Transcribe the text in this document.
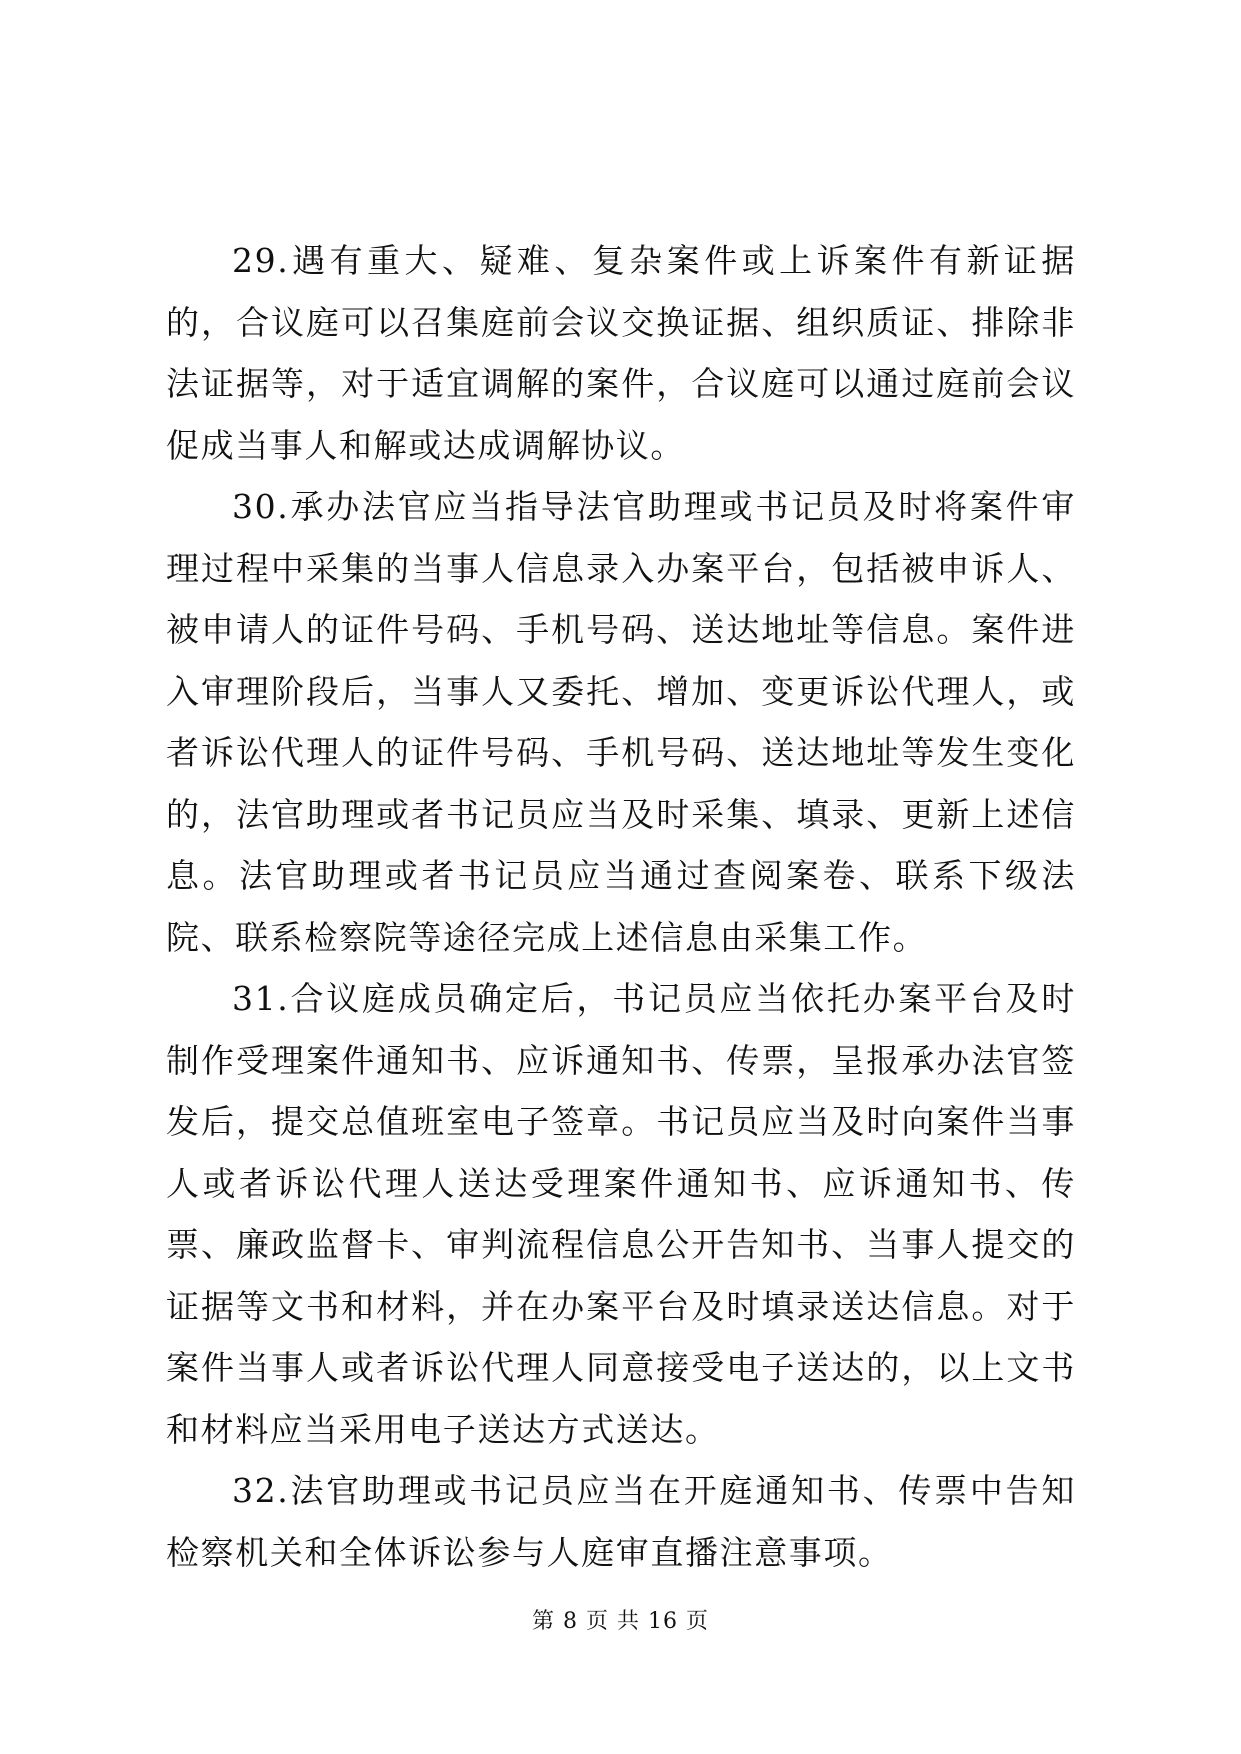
29.遇有重大、疑难、复杂案件或上诉案件有新证据的，合议庭可以召集庭前会议交换证据、组织质证、排除非法证据等，对于适宜调解的案件，合议庭可以通过庭前会议促成当事人和解或达成调解协议。

30.承办法官应当指导法官助理或书记员及时将案件审理过程中采集的当事人信息录入办案平台，包括被申诉人、被申请人的证件号码、手机号码、送达地址等信息。案件进入审理阶段后，当事人又委托、增加、变更诉讼代理人，或者诉讼代理人的证件号码、手机号码、送达地址等发生变化的，法官助理或者书记员应当及时采集、填录、更新上述信息。法官助理或者书记员应当通过查阅案卷、联系下级法院、联系检察院等途径完成上述信息由采集工作。

31.合议庭成员确定后，书记员应当依托办案平台及时制作受理案件通知书、应诉通知书、传票，呈报承办法官签发后，提交总值班室电子签章。书记员应当及时向案件当事人或者诉讼代理人送达受理案件通知书、应诉通知书、传票、廉政监督卡、审判流程信息公开告知书、当事人提交的证据等文书和材料，并在办案平台及时填录送达信息。对于案件当事人或者诉讼代理人同意接受电子送达的，以上文书和材料应当采用电子送达方式送达。

32.法官助理或书记员应当在开庭通知书、传票中告知检察机关和全体诉讼参与人庭审直播注意事项。

第 8 页 共 16 页
